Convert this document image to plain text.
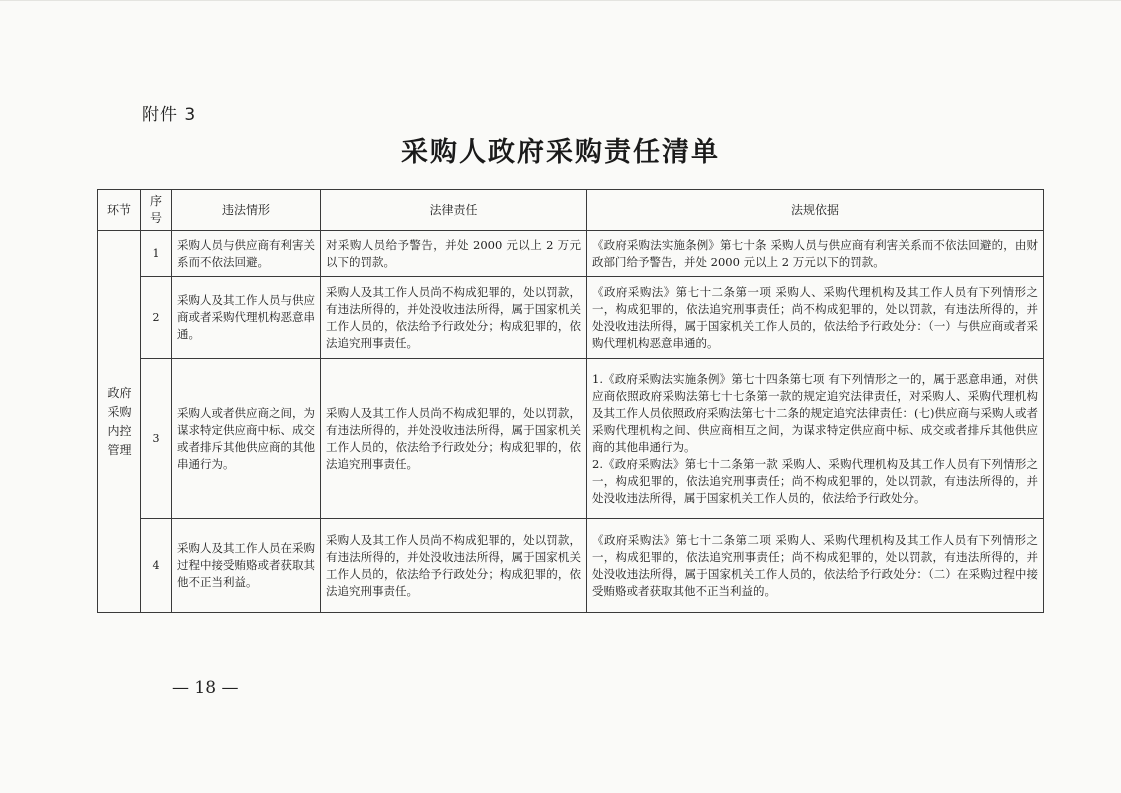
附件 3
采购人政府采购责任清单
环节	序号	违法情形	法律责任	法规依据
政府采购内控管理	1	采购人员与供应商有利害关系而不依法回避。	对采购人员给予警告，并处 2000 元以上 2 万元以下的罚款。	《政府采购法实施条例》第七十条 采购人员与供应商有利害关系而不依法回避的，由财政部门给予警告，并处 2000 元以上 2 万元以下的罚款。

	2	采购人及其工作人员与供应商或者采购代理机构恶意串通。	采购人及其工作人员尚不构成犯罪的，处以罚款，有违法所得的，并处没收违法所得，属于国家机关工作人员的，依法给予行政处分；构成犯罪的，依法追究刑事责任。	《政府采购法》第七十二条第一项 采购人、采购代理机构及其工作人员有下列情形之一，构成犯罪的，依法追究刑事责任；尚不构成犯罪的，处以罚款，有违法所得的，并处没收违法所得，属于国家机关工作人员的，依法给予行政处分：（一）与供应商或者采购代理机构恶意串通的。

	3	采购人或者供应商之间，为谋求特定供应商中标、成交或者排斥其他供应商的其他串通行为。	采购人及其工作人员尚不构成犯罪的，处以罚款，有违法所得的，并处没收违法所得，属于国家机关工作人员的，依法给予行政处分；构成犯罪的，依法追究刑事责任。	1.《政府采购法实施条例》第七十四条第七项 有下列情形之一的，属于恶意串通，对供应商依照政府采购法第七十七条第一款的规定追究法律责任，对采购人、采购代理机构及其工作人员依照政府采购法第七十二条的规定追究法律责任：(七)供应商与采购人或者采购代理机构之间、供应商相互之间，为谋求特定供应商中标、成交或者排斥其他供应商的其他串通行为。
2.《政府采购法》第七十二条第一款 采购人、采购代理机构及其工作人员有下列情形之一，构成犯罪的，依法追究刑事责任；尚不构成犯罪的，处以罚款，有违法所得的，并处没收违法所得，属于国家机关工作人员的，依法给予行政处分。

	4	采购人及其工作人员在采购过程中接受贿赂或者获取其他不正当利益。	采购人及其工作人员尚不构成犯罪的，处以罚款，有违法所得的，并处没收违法所得，属于国家机关工作人员的，依法给予行政处分；构成犯罪的，依法追究刑事责任。	《政府采购法》第七十二条第二项 采购人、采购代理机构及其工作人员有下列情形之一，构成犯罪的，依法追究刑事责任；尚不构成犯罪的，处以罚款，有违法所得的，并处没收违法所得，属于国家机关工作人员的，依法给予行政处分：（二）在采购过程中接受贿赂或者获取其他不正当利益的。
— 18 —
